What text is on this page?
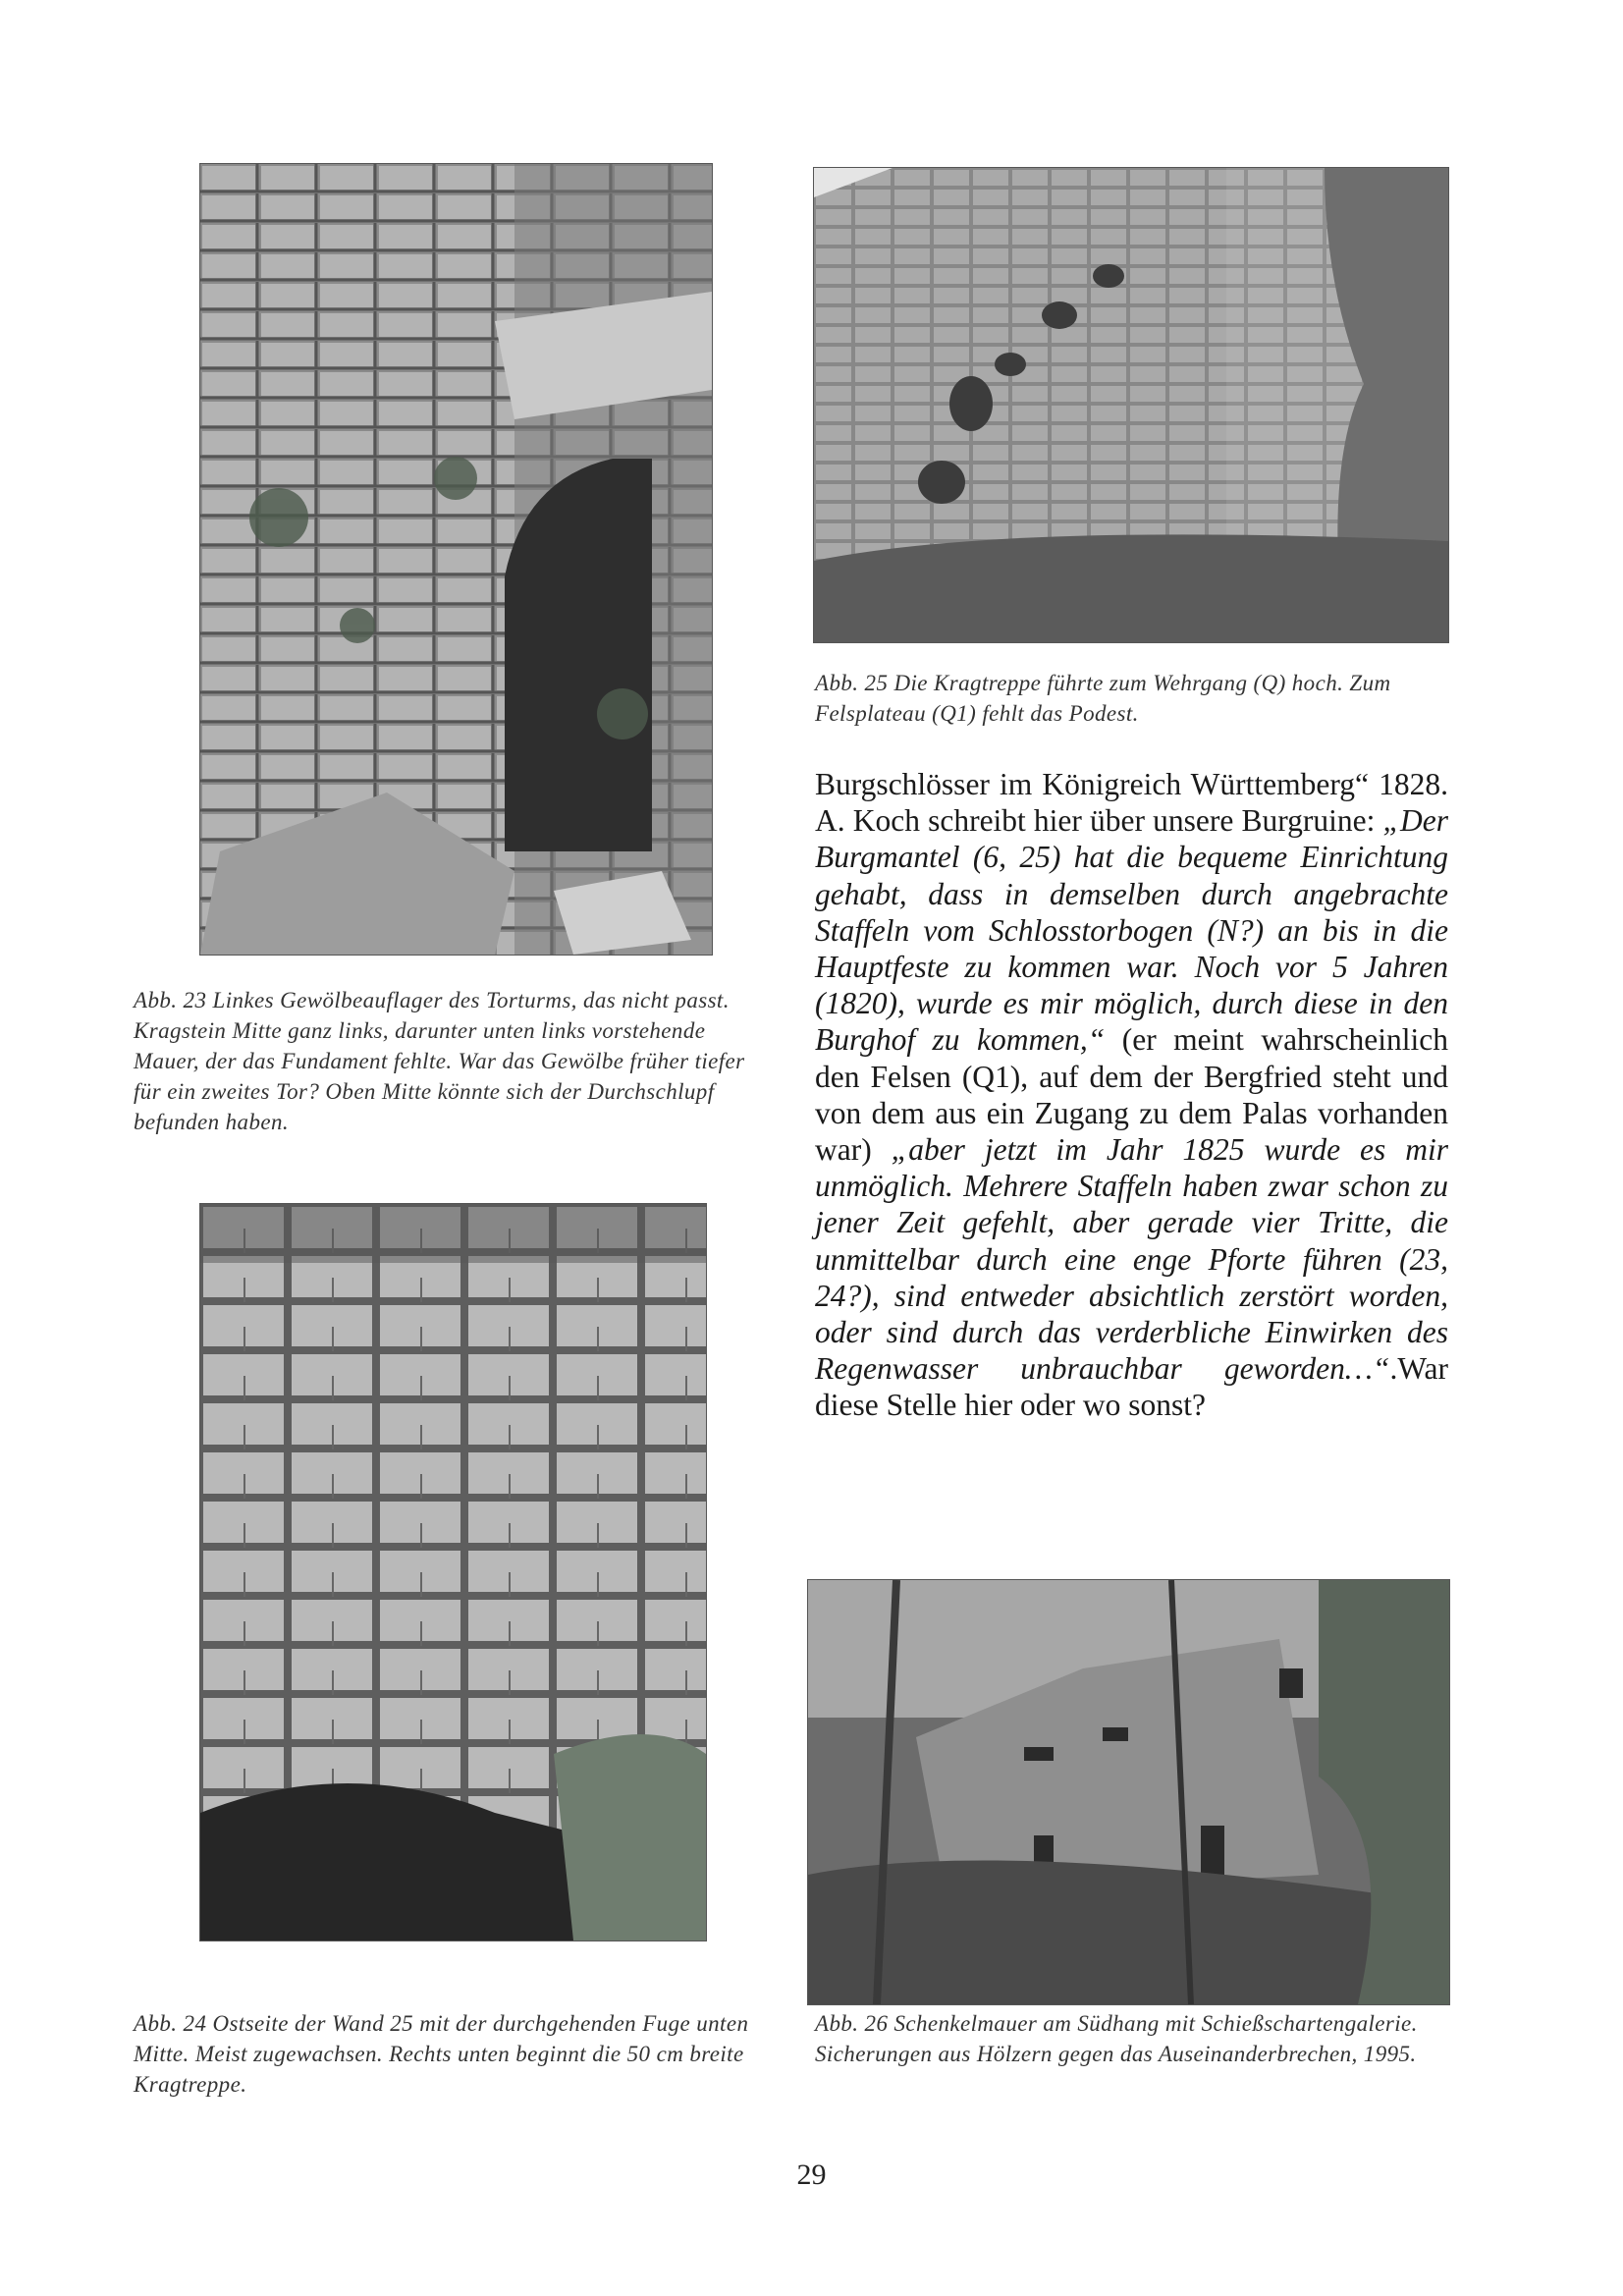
Abb. 23 Linkes Gewölbeauflager des Torturms, das nicht passt. Kragstein Mitte ganz links, darunter unten links vorstehende Mauer, der das Fundament fehlte. War das Gewölbe früher tiefer für ein zweites Tor? Oben Mitte könnte sich der Durchschlupf befunden haben.
Abb. 24 Ostseite der Wand 25 mit der durchgehenden Fuge unten Mitte. Meist zugewachsen. Rechts unten beginnt die 50 cm breite Kragtreppe.
Abb. 25 Die Kragtreppe führte zum Wehrgang (Q) hoch. Zum Felsplateau (Q1) fehlt das Podest.

Burgschlösser im Königreich Württemberg“ 1828. A. Koch schreibt hier über unsere Burgruine: „Der Burgmantel (6, 25) hat die bequeme Einrichtung gehabt, dass in demselben durch angebrachte Staffeln vom Schlosstorbogen (N?) an bis in die Hauptfeste zu kommen war. Noch vor 5 Jahren (1820), wurde es mir möglich, durch diese in den Burghof zu kommen,“ (er meint wahrscheinlich den Felsen (Q1), auf dem der Bergfried steht und von dem aus ein Zugang zu dem Palas vorhanden war) „aber jetzt im Jahr 1825 wurde es mir unmöglich. Mehrere Staffeln haben zwar schon zu jener Zeit gefehlt, aber gerade vier Tritte, die unmittelbar durch eine enge Pforte führen (23, 24?), sind entweder absichtlich zerstört worden, oder sind durch das verderbliche Einwirken des Regenwasser unbrauchbar geworden…“.War diese Stelle hier oder wo sonst?

Abb. 26 Schenkelmauer am Südhang mit Schießschartengalerie. Sicherungen aus Hölzern gegen das Auseinanderbrechen, 1995.
29
